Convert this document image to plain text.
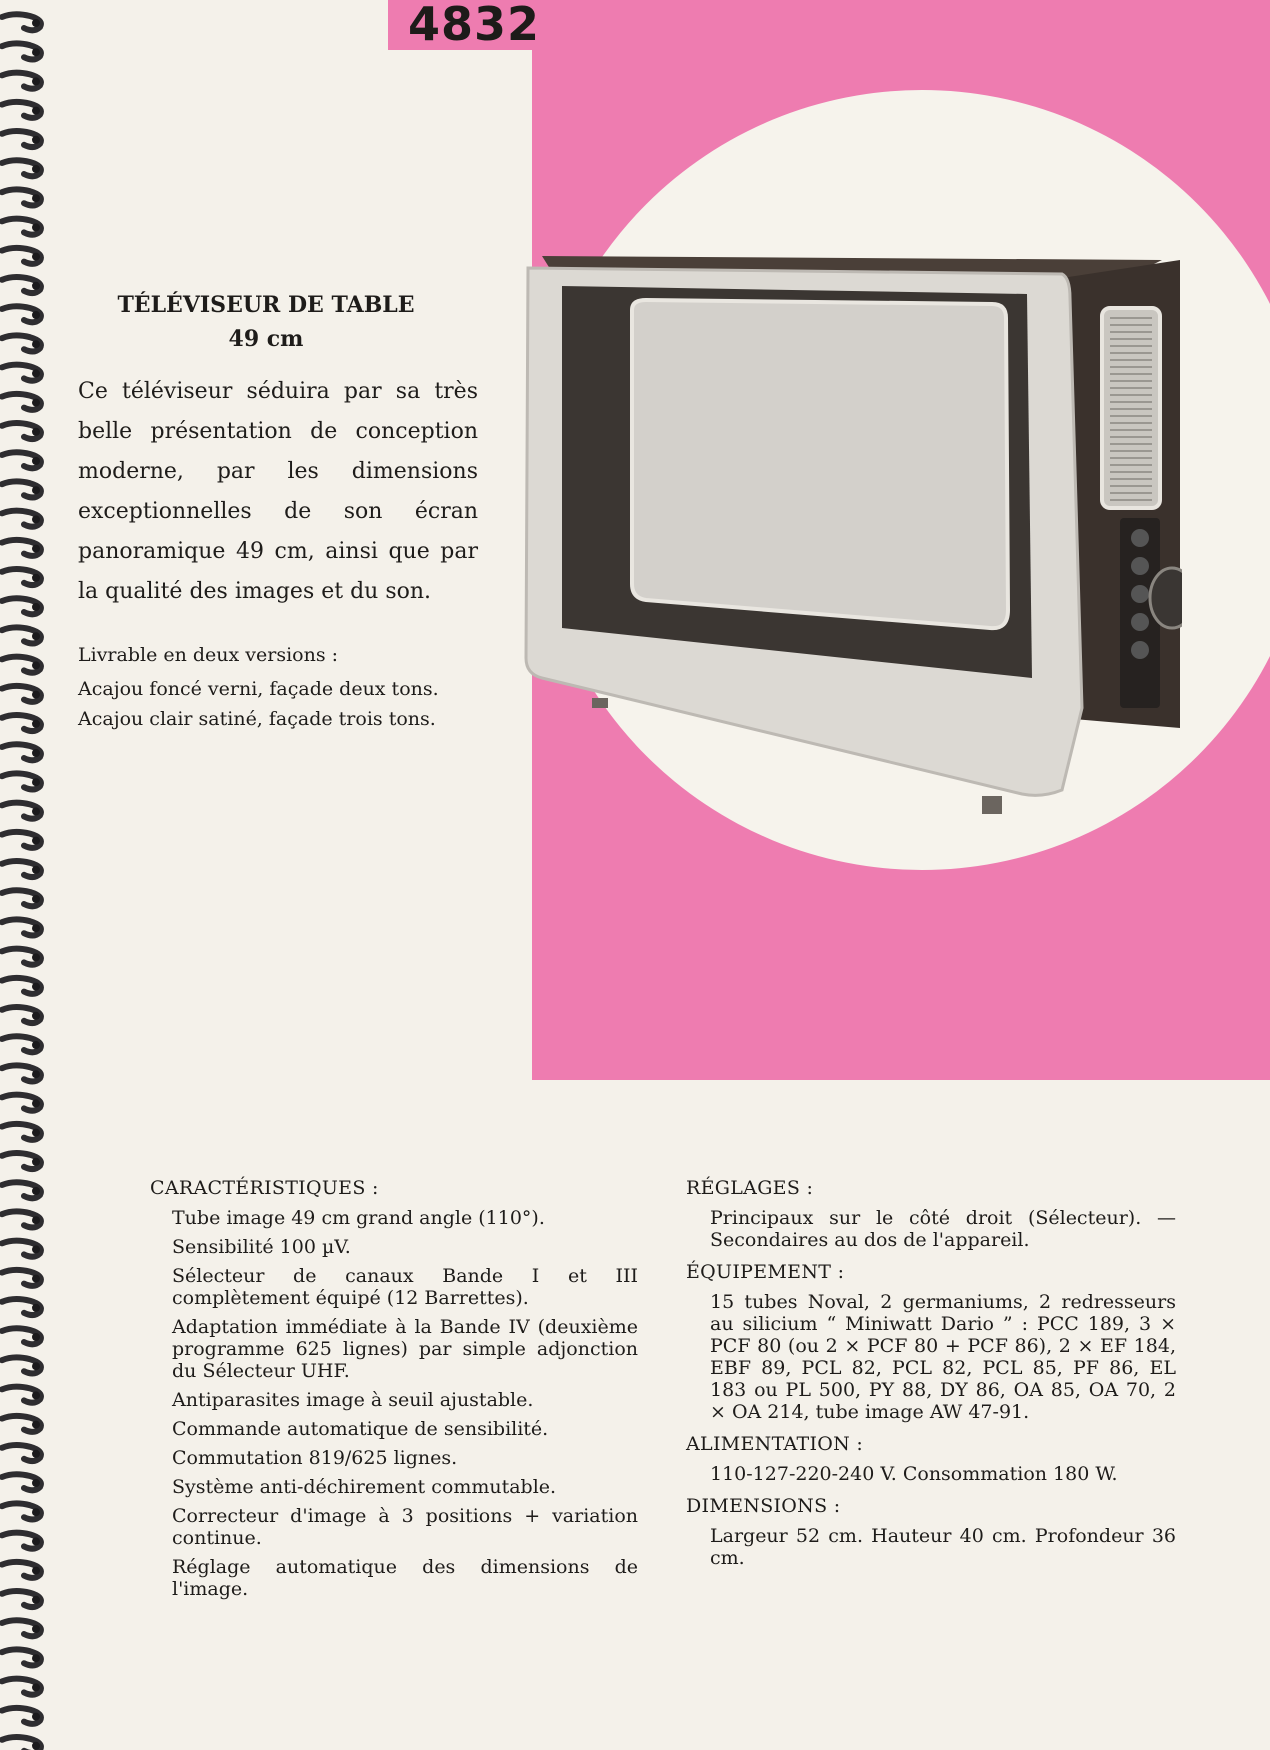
4832
TÉLÉVISEUR DE TABLE
49 cm

Ce téléviseur séduira par sa très belle présentation de conception moderne, par les dimensions exceptionnelles de son écran panoramique 49 cm, ainsi que par la qualité des images et du son.

Livrable en deux versions :
Acajou foncé verni, façade deux tons.
Acajou clair satiné, façade trois tons.
CARACTÉRISTIQUES :
Tube image 49 cm grand angle (110°).
Sensibilité 100 µV.
Sélecteur de canaux Bande I et III complètement équipé (12 Barrettes).
Adaptation immédiate à la Bande IV (deuxième programme 625 lignes) par simple adjonction du Sélecteur UHF.
Antiparasites image à seuil ajustable.
Commande automatique de sensibilité.
Commutation 819/625 lignes.
Système anti-déchirement commutable.
Correcteur d'image à 3 positions + variation continue.
Réglage automatique des dimensions de l'image.
RÉGLAGES :
Principaux sur le côté droit (Sélecteur). — Secondaires au dos de l'appareil.
ÉQUIPEMENT :
15 tubes Noval, 2 germaniums, 2 redresseurs au silicium “ Miniwatt Dario ” : PCC 189, 3 × PCF 80 (ou 2 × PCF 80 + PCF 86), 2 × EF 184, EBF 89, PCL 82, PCL 82, PCL 85, PF 86, EL 183 ou PL 500, PY 88, DY 86, OA 85, OA 70, 2 × OA 214, tube image AW 47-91.
ALIMENTATION :
110-127-220-240 V. Consommation 180 W.
DIMENSIONS :
Largeur 52 cm. Hauteur 40 cm. Profondeur 36 cm.
